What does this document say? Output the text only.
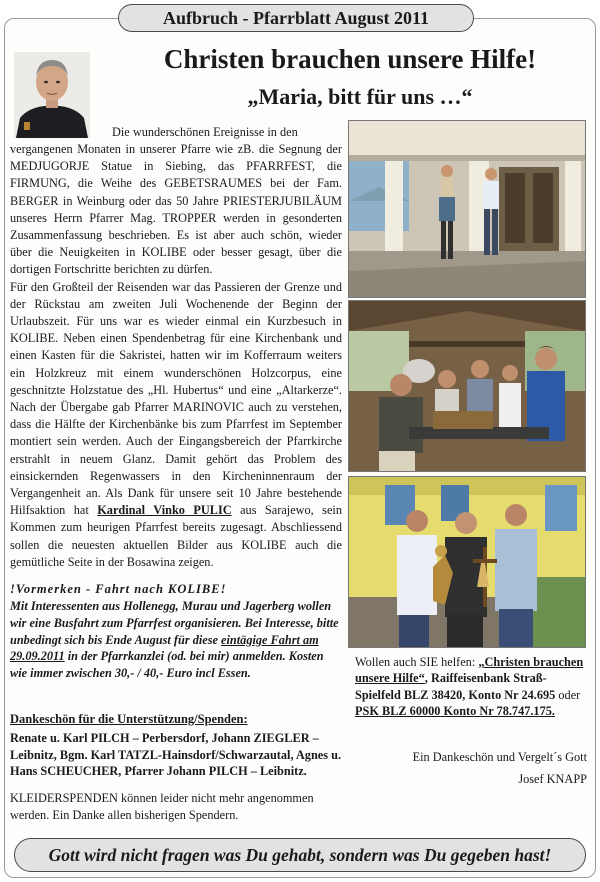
Aufbruch - Pfarrblatt August 2011
Christen brauchen unsere Hilfe!
„Maria, bitt für uns …“
Die wunderschönen Ereignisse in den
vergangenen Monaten in unserer Pfarre wie zB. die Segnung der MEDJUGORJE Statue in Siebing, das PFARRFEST, die FIRMUNG, die Weihe des GEBETSRAUMES bei der Fam. BERGER in Weinburg oder das 50 Jahre PRIESTERJUBILÄUM unseres Herrn Pfarrer Mag. TROPPER werden in gesonderten Zusammenfassung beschrieben. Es ist aber auch schön, wieder über die Neuigkeiten in KOLIBE oder besser gesagt, über die dortigen Fortschritte berichten zu dürfen.
Für den Großteil der Reisenden war das Passieren der Grenze und der Rückstau am zweiten Juli Wochenende der Beginn der Urlaubszeit. Für uns war es wieder einmal ein Kurzbesuch in KOLIBE. Neben einen Spendenbetrag für eine Kirchenbank und einen Kasten für die Sakristei, hatten wir im Kofferraum weiters ein Holzkreuz mit einem wunderschönen Holzcorpus, eine geschnitzte Holzstatue des „Hl. Hubertus“ und eine „Altarkerze“. Nach der Übergabe gab Pfarrer MARINOVIC auch zu verstehen, dass die Hälfte der Kirchenbänke bis zum Pfarrfest im September montiert sein werden. Auch der Eingangsbereich der Pfarrkirche erstrahlt in neuem Glanz. Damit gehört das Problem des einsickernden Regenwassers in den Kircheninnenraum der Vergangenheit an. Als Dank für unsere seit 10 Jahre bestehende Hilfsaktion hat Kardinal Vinko PULIC aus Sarajewo, sein Kommen zum heurigen Pfarrfest bereits zugesagt. Abschliessend sollen die neuesten aktuellen Bilder aus KOLIBE auch die gemütliche Seite in der Bosawina zeigen.
!Vormerken - Fahrt nach KOLIBE!
Mit Interessenten aus Hollenegg, Murau und Jagerberg wollen wir eine Busfahrt zum Pfarrfest organisieren. Bei Interesse, bitte unbedingt sich bis Ende August für diese eintägige Fahrt am 29.09.2011 in der Pfarrkanzlei (od. bei mir) anmelden. Kosten wie immer zwischen 30,- / 40,- Euro incl Essen.
Dankeschön für die Unterstützung/Spenden:
Renate u. Karl PILCH – Perbersdorf, Johann ZIEGLER – Leibnitz, Bgm. Karl TATZL-Hainsdorf/Schwarzautal, Agnes u. Hans SCHEUCHER, Pfarrer Johann PILCH – Leibnitz.
KLEIDERSPENDEN können leider nicht mehr angenommen werden. Ein Danke allen bisherigen Spendern.
Wollen auch SIE helfen: „Christen brauchen unsere Hilfe“, Raiffeisenbank Straß-Spielfeld BLZ 38420, Konto Nr 24.695 oder PSK BLZ 60000 Konto Nr 78.747.175.
Ein Dankeschön und Vergelt´s Gott
Josef KNAPP
Gott wird nicht fragen was Du gehabt, sondern was Du gegeben hast!
